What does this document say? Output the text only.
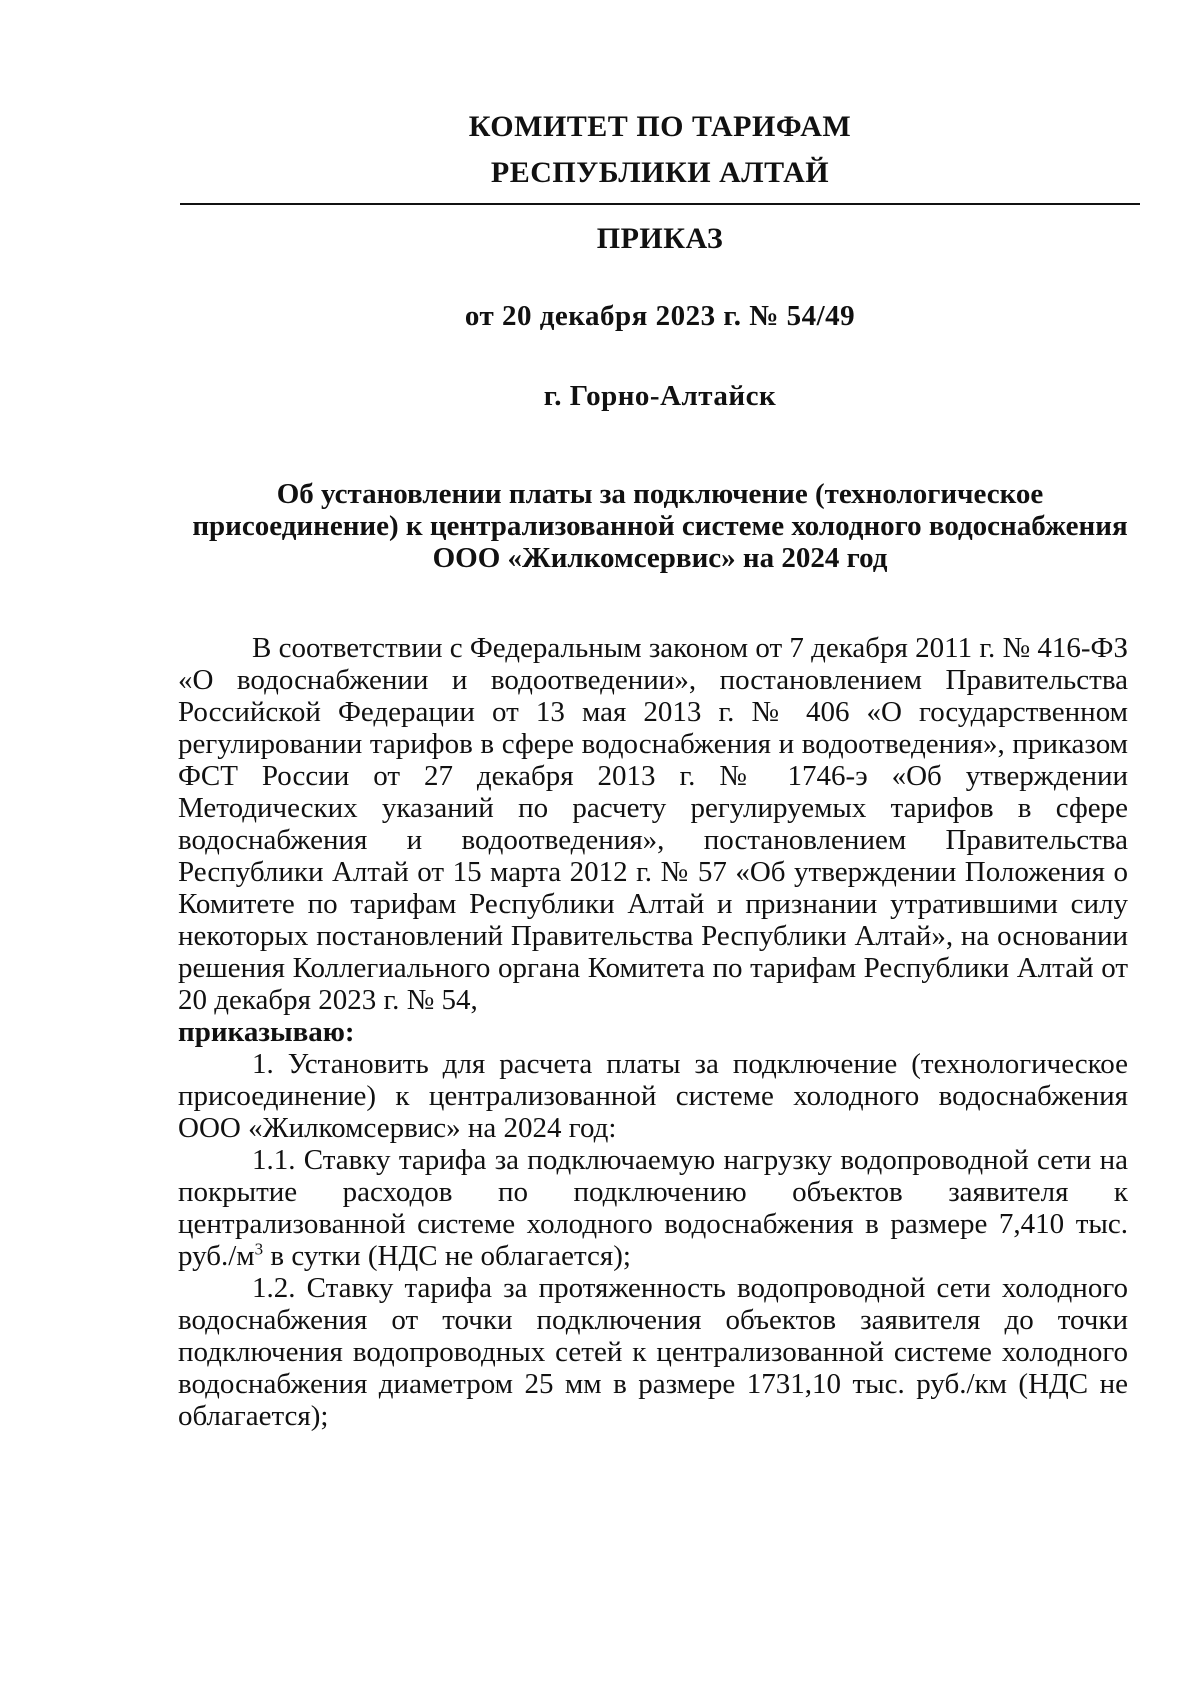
КОМИТЕТ ПО ТАРИФАМ
РЕСПУБЛИКИ АЛТАЙ
ПРИКАЗ
от 20 декабря 2023 г. № 54/49
г. Горно-Алтайск
Об установлении платы за подключение (технологическое
присоединение) к централизованной системе холодного водоснабжения
ООО «Жилкомсервис» на 2024 год

В соответствии с Федеральным законом от 7 декабря 2011 г. № 416-ФЗ «О водоснабжении и водоотведении», постановлением Правительства Российской Федерации от 13 мая 2013 г. № 406 «О государственном регулировании тарифов в сфере водоснабжения и водоотведения», приказом ФСТ России от 27 декабря 2013 г. № 1746-э «Об утверждении Методических указаний по расчету регулируемых тарифов в сфере водоснабжения и водоотведения», постановлением Правительства Республики Алтай от 15 марта 2012 г. № 57 «Об утверждении Положения о Комитете по тарифам Республики Алтай и признании утратившими силу некоторых постановлений Правительства Республики Алтай», на основании решения Коллегиального органа Комитета по тарифам Республики Алтай от 20 декабря 2023 г. № 54,

приказываю:

1. Установить для расчета платы за подключение (технологическое присоединение) к централизованной системе холодного водоснабжения ООО «Жилкомсервис» на 2024 год:

1.1. Ставку тарифа за подключаемую нагрузку водопроводной сети на покрытие расходов по подключению объектов заявителя к централизованной системе холодного водоснабжения в размере 7,410 тыс. $руб./м^3$ в сутки (НДС не облагается);

1.2. Ставку тарифа за протяженность водопроводной сети холодного водоснабжения от точки подключения объектов заявителя до точки подключения водопроводных сетей к централизованной системе холодного водоснабжения диаметром 25 мм в размере 1731,10 тыс. руб./км (НДС не облагается);
